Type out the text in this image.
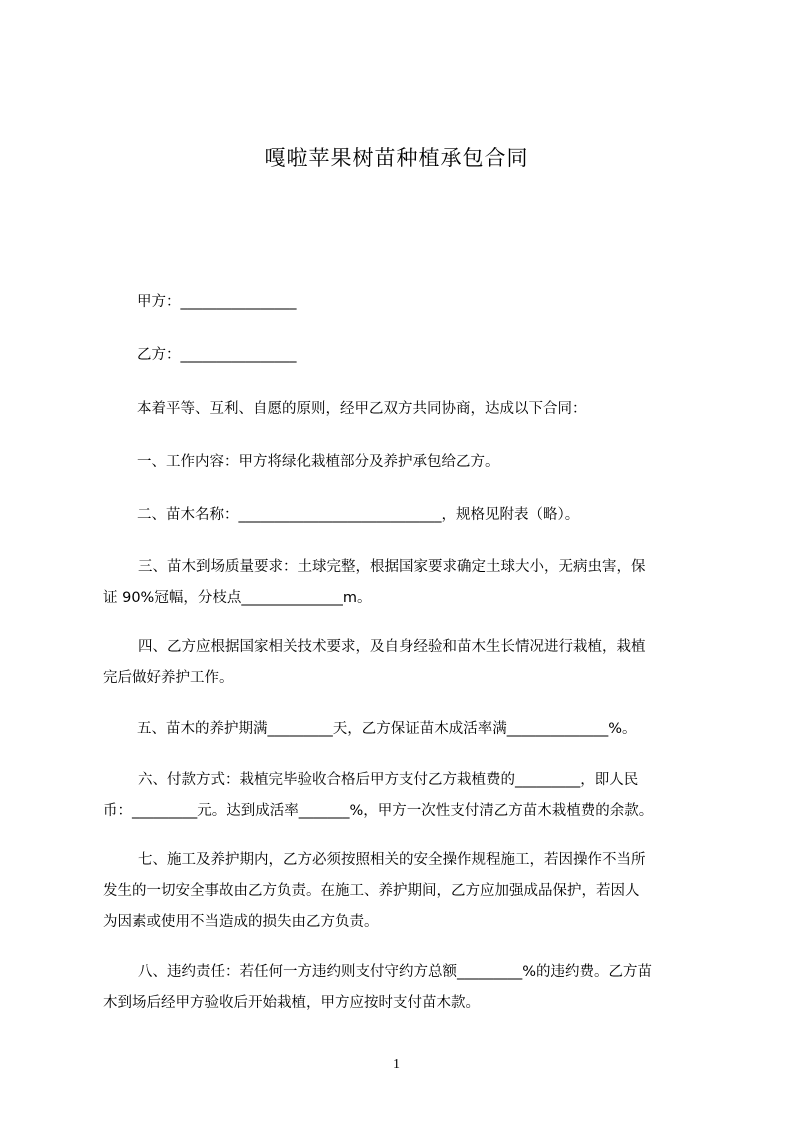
嘎啦苹果树苗种植承包合同
甲方：________________
乙方：________________
本着平等、互利、自愿的原则，经甲乙双方共同协商，达成以下合同：
一、工作内容：甲方将绿化栽植部分及养护承包给乙方。
二、苗木名称：____________________________，规格见附表（略）。
三、苗木到场质量要求：土球完整，根据国家要求确定土球大小，无病虫害，保
证 90%冠幅，分枝点______________m。
四、乙方应根据国家相关技术要求，及自身经验和苗木生长情况进行栽植，栽植
完后做好养护工作。
五、苗木的养护期满_________天，乙方保证苗木成活率满______________%。
六、付款方式：栽植完毕验收合格后甲方支付乙方栽植费的_________，即人民
币：_________元。达到成活率_______%，甲方一次性支付清乙方苗木栽植费的余款。
七、施工及养护期内，乙方必须按照相关的安全操作规程施工，若因操作不当所
发生的一切安全事故由乙方负责。在施工、养护期间，乙方应加强成品保护，若因人
为因素或使用不当造成的损失由乙方负责。
八、违约责任：若任何一方违约则支付守约方总额_________%的违约费。乙方苗
木到场后经甲方验收后开始栽植，甲方应按时支付苗木款。
1
